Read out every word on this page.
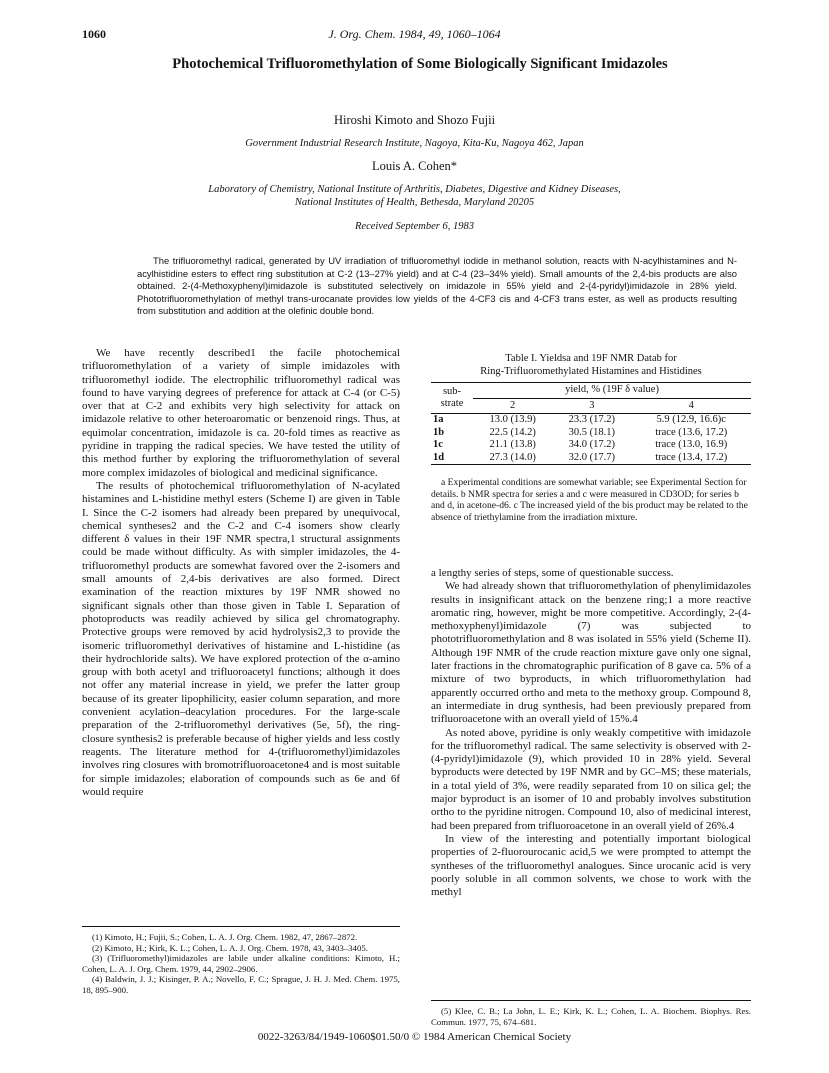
1060	J. Org. Chem. 1984, 49, 1060–1064
Photochemical Trifluoromethylation of Some Biologically Significant Imidazoles
Hiroshi Kimoto and Shozo Fujii
Government Industrial Research Institute, Nagoya, Kita-Ku, Nagoya 462, Japan
Louis A. Cohen*
Laboratory of Chemistry, National Institute of Arthritis, Diabetes, Digestive and Kidney Diseases,
National Institutes of Health, Bethesda, Maryland 20205
Received September 6, 1983

The trifluoromethyl radical, generated by UV irradiation of trifluoromethyl iodide in methanol solution, reacts with N-acylhistamines and N-acylhistidine esters to effect ring substitution at C-2 (13–27% yield) and at C-4 (23–34% yield). Small amounts of the 2,4-bis products are also obtained. 2-(4-Methoxyphenyl)imidazole is substituted selectively on imidazole in 55% yield and 2-(4-pyridyl)imidazole in 28% yield. Phototrifluoromethylation of methyl trans-urocanate provides low yields of the 4-CF3 cis and 4-CF3 trans ester, as well as products resulting from substitution and addition at the olefinic double bond.

We have recently described1 the facile photochemical trifluoromethylation of a variety of simple imidazoles with trifluoromethyl iodide. The electrophilic trifluoromethyl radical was found to have varying degrees of preference for attack at C-4 (or C-5) over that at C-2 and exhibits very high selectivity for attack on imidazole relative to other heteroaromatic or benzenoid rings. Thus, at equimolar concentration, imidazole is ca. 20-fold times as reactive as pyridine in trapping the radical species. We have tested the utility of this method further by exploring the trifluoromethylation of several more complex imidazoles of biological and medicinal significance.

The results of photochemical trifluoromethylation of N-acylated histamines and L-histidine methyl esters (Scheme I) are given in Table I. Since the C-2 isomers had already been prepared by unequivocal, chemical syntheses2 and the C-2 and C-4 isomers show clearly different δ values in their 19F NMR spectra,1 structural assignments could be made without difficulty. As with simpler imidazoles, the 4-trifluoromethyl products are somewhat favored over the 2-isomers and small amounts of 2,4-bis derivatives are also formed. Direct examination of the reaction mixtures by 19F NMR showed no significant signals other than those given in Table I. Separation of photoproducts was readily achieved by silica gel chromatography. Protective groups were removed by acid hydrolysis2,3 to provide the isomeric trifluoromethyl derivatives of histamine and L-histidine (as their hydrochloride salts). We have explored protection of the α-amino group with both acetyl and trifluoroacetyl functions; although it does not offer any material increase in yield, we prefer the latter group because of its greater lipophilicity, easier column separation, and more convenient acylation–deacylation procedures. For the large-scale preparation of the 2-trifluoromethyl derivatives (5e, 5f), the ring-closure synthesis2 is preferable because of higher yields and less costly reagents. The literature method for 4-(trifluoromethyl)imidazoles involves ring closures with bromotrifluoroacetone4 and is most suitable for simple imidazoles; elaboration of compounds such as 6e and 6f would require

Table I. Yieldsa and 19F NMR Datab for
Ring-Trifluoromethylated Histamines and Histidines
sub-
strate	yield, % (19F δ value)		
	2	3	4
1a	13.0 (13.9)	23.3 (17.2)	5.9 (12.9, 16.6)c
1b	22.5 (14.2)	30.5 (18.1)	trace (13.6, 17.2)
1c	21.1 (13.8)	34.0 (17.2)	trace (13.0, 16.9)
1d	27.3 (14.0)	32.0 (17.7)	trace (13.4, 17.2)

a Experimental conditions are somewhat variable; see Experimental Section for details. b NMR spectra for series a and c were measured in CD3OD; for series b and d, in acetone-d6. c The increased yield of the bis product may be related to the absence of triethylamine from the irradiation mixture.

a lengthy series of steps, some of questionable success.

We had already shown that trifluoromethylation of phenylimidazoles results in insignificant attack on the benzene ring;1 a more reactive aromatic ring, however, might be more competitive. Accordingly, 2-(4-methoxyphenyl)imidazole (7) was subjected to phototrifluoromethylation and 8 was isolated in 55% yield (Scheme II). Although 19F NMR of the crude reaction mixture gave only one signal, later fractions in the chromatographic purification of 8 gave ca. 5% of a mixture of two byproducts, in which trifluoromethylation had apparently occurred ortho and meta to the methoxy group. Compound 8, an intermediate in drug synthesis, had been previously prepared from trifluoroacetone with an overall yield of 15%.4

As noted above, pyridine is only weakly competitive with imidazole for the trifluoromethyl radical. The same selectivity is observed with 2-(4-pyridyl)imidazole (9), which provided 10 in 28% yield. Several byproducts were detected by 19F NMR and by GC–MS; these materials, in a total yield of 3%, were readily separated from 10 on silica gel; the major byproduct is an isomer of 10 and probably involves substitution ortho to the pyridine nitrogen. Compound 10, also of medicinal interest, had been prepared from trifluoroacetone in an overall yield of 26%.4

In view of the interesting and potentially important biological properties of 2-fluorourocanic acid,5 we were prompted to attempt the syntheses of the trifluoromethyl analogues. Since urocanic acid is very poorly soluble in all common solvents, we chose to work with the methyl

(1) Kimoto, H.; Fujii, S.; Cohen, L. A. J. Org. Chem. 1982, 47, 2867–2872.

(2) Kimoto, H.; Kirk, K. L.; Cohen, L. A. J. Org. Chem. 1978, 43, 3403–3405.

(3) (Trifluoromethyl)imidazoles are labile under alkaline conditions: Kimoto, H.; Cohen, L. A. J. Org. Chem. 1979, 44, 2902–2906.

(4) Baldwin, J. J.; Kisinger, P. A.; Novello, F. C.; Sprague, J. H. J. Med. Chem. 1975, 18, 895–900.

(5) Klee, C. B.; La John, L. E.; Kirk, K. L.; Cohen, L. A. Biochem. Biophys. Res. Commun. 1977, 75, 674–681.

0022-3263/84/1949-1060$01.50/0 © 1984 American Chemical Society
